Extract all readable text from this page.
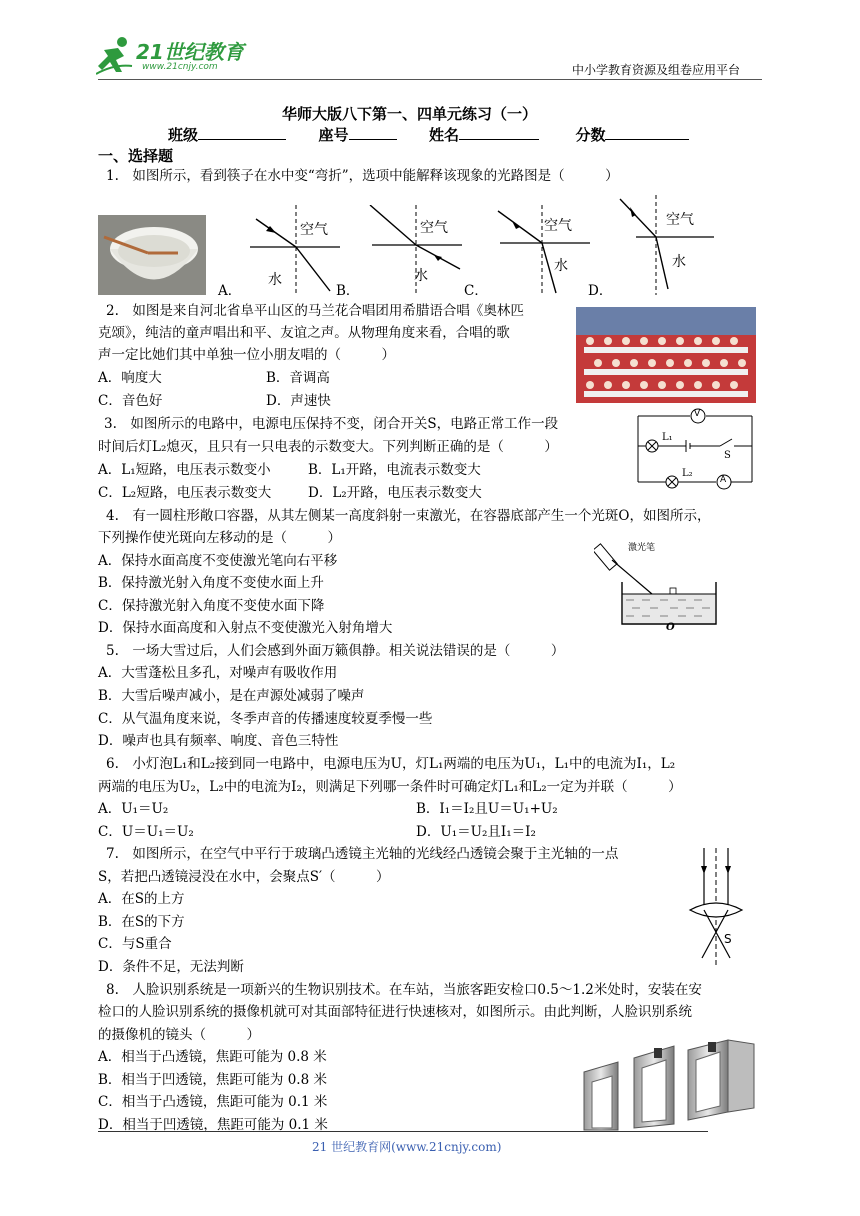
21世纪教育
www.21cnjy.com	中小学教育资源及组卷应用平台
华师大版八下第一、四单元练习（一）
班级	座号	姓名	分数
一、选择题
1.　如图所示，看到筷子在水中变“弯折”，选项中能解释该现象的光路图是（　　　）
空气
水
A．
空气
水
B．
空气
水
C．
空气
水
D．
2.　如图是来自河北省阜平山区的马兰花合唱团用希腊语合唱《奥林匹
克颂》，纯洁的童声唱出和平、友谊之声。从物理角度来看，合唱的歌
声一定比她们其中单独一位小朋友唱的（　　　）
A．响度大	B．音调高
C．音色好	D．声速快
3.　如图所示的电路中，电源电压保持不变，闭合开关S，电路正常工作一段
时间后灯L₂熄灭，且只有一只电表的示数变大。下列判断正确的是（　　　）
A．L₁短路，电压表示数变小	B．L₁开路，电流表示数变大
C．L₂短路，电压表示数变大	D．L₂开路，电压表示数变大
V
A
L₁
L₂
S
4.　有一圆柱形敞口容器，从其左侧某一高度斜射一束激光，在容器底部产生一个光斑O，如图所示，
下列操作使光斑向左移动的是（　　　）
A．保持水面高度不变使激光笔向右平移
B．保持激光射入角度不变使水面上升
C．保持激光射入角度不变使水面下降
D．保持水面高度和入射点不变使激光入射角增大
激光笔
O
5.　一场大雪过后，人们会感到外面万籁俱静。相关说法错误的是（　　　）
A．大雪蓬松且多孔，对噪声有吸收作用
B．大雪后噪声减小，是在声源处减弱了噪声
C．从气温角度来说，冬季声音的传播速度较夏季慢一些
D．噪声也具有频率、响度、音色三特性
6.　小灯泡L₁和L₂接到同一电路中，电源电压为U，灯L₁两端的电压为U₁，L₁中的电流为I₁，L₂
两端的电压为U₂，L₂中的电流为I₂，则满足下列哪一条件时可确定灯L₁和L₂一定为并联（　　　）
A．U₁＝U₂	B．I₁＝I₂且U＝U₁+U₂
C．U＝U₁＝U₂	D．U₁＝U₂且I₁＝I₂
7.　如图所示，在空气中平行于玻璃凸透镜主光轴的光线经凸透镜会聚于主光轴的一点
S，若把凸透镜浸没在水中，会聚点S′（　　　）
A．在S的上方
B．在S的下方
C．与S重合
D．条件不足，无法判断
S
8.　人脸识别系统是一项新兴的生物识别技术。在车站，当旅客距安检口0.5～1.2米处时，安装在安
检口的人脸识别系统的摄像机就可对其面部特征进行快速核对，如图所示。由此判断，人脸识别系统
的摄像机的镜头（　　　）
A．相当于凸透镜，焦距可能为 0.8 米
B．相当于凹透镜，焦距可能为 0.8 米
C．相当于凸透镜，焦距可能为 0.1 米
D．相当于凹透镜，焦距可能为 0.1 米
21 世纪教育网(www.21cnjy.com)
